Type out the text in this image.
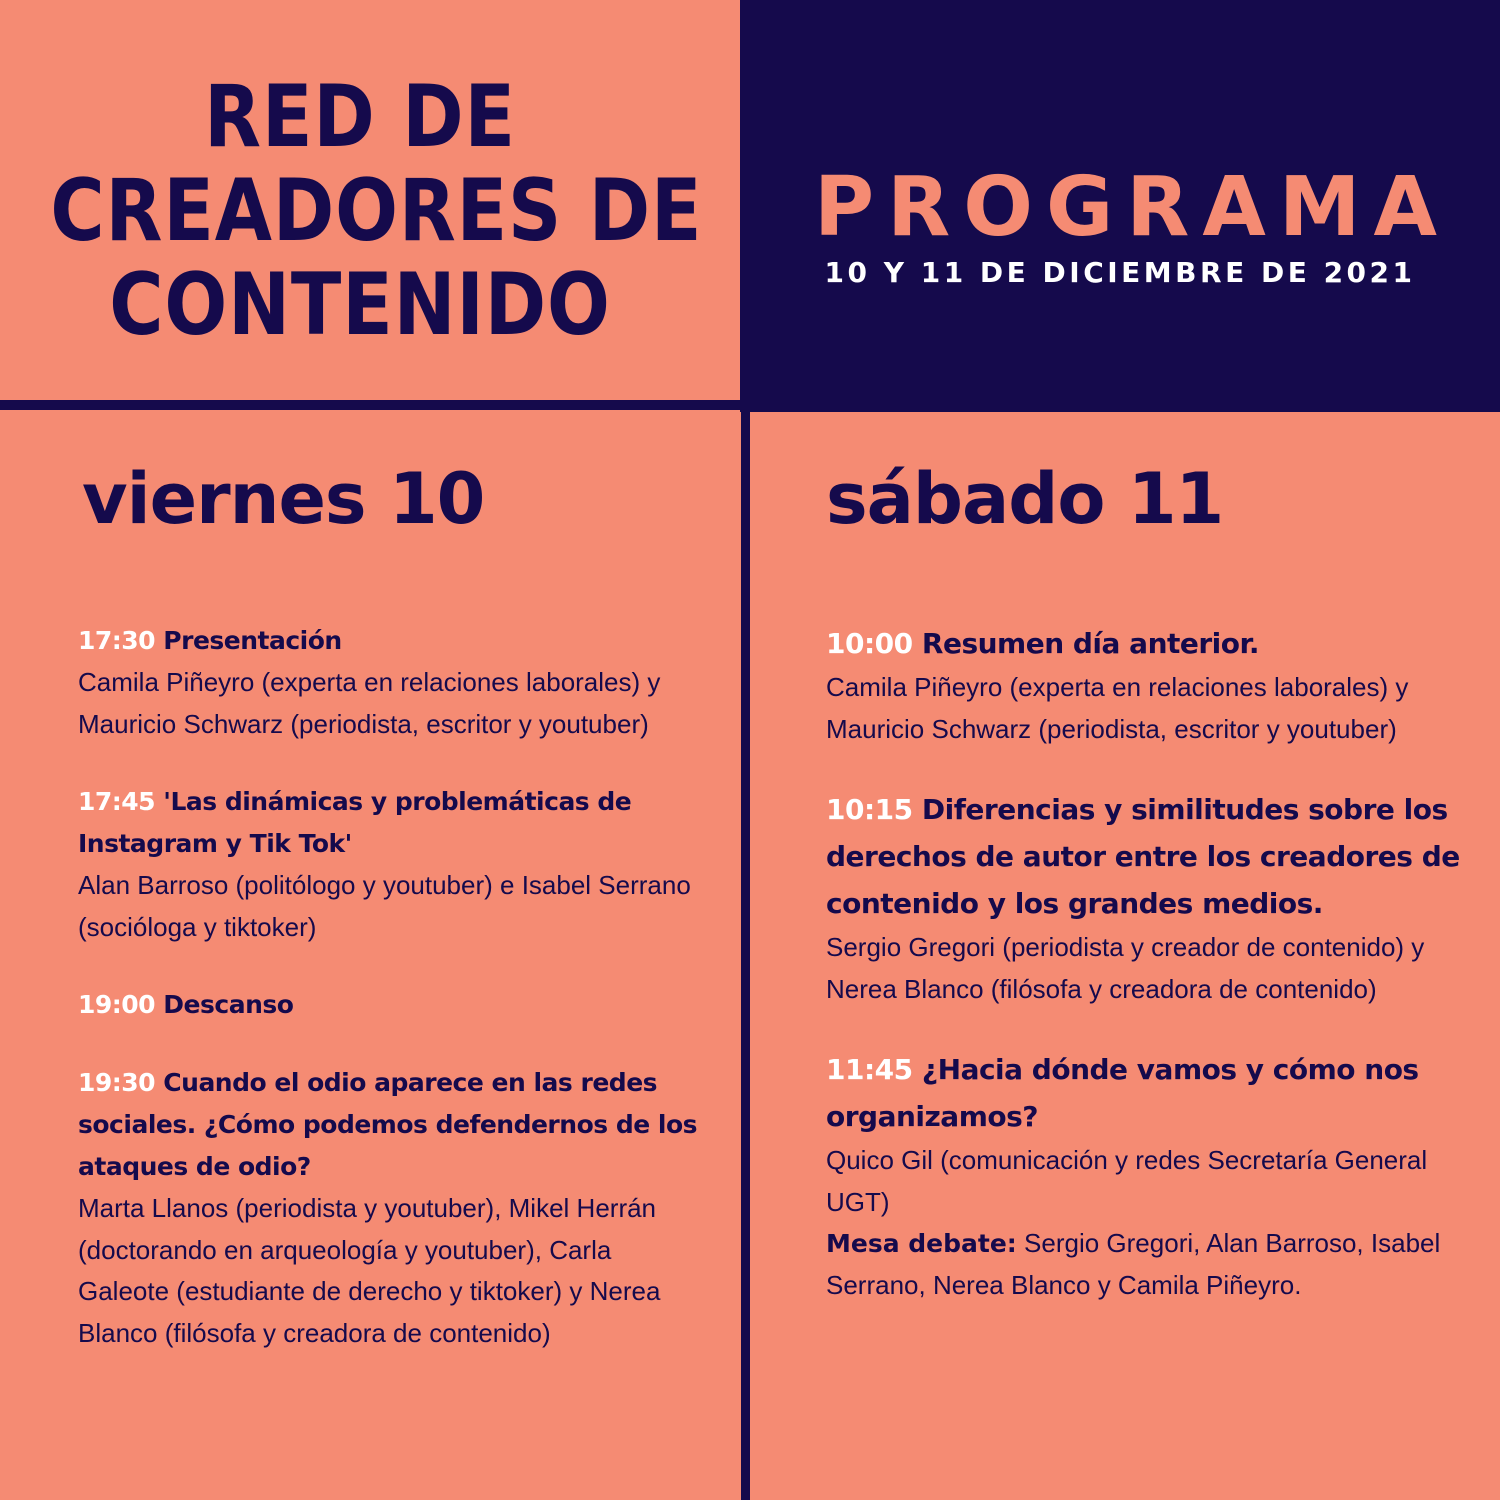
RED DE
CREADORES DE
CONTENIDO
PROGRAMA
10 Y 11 DE DICIEMBRE DE 2021
viernes 10	sábado 11
17:30 Presentación
Camila Piñeyro (experta en relaciones laborales) y Mauricio Schwarz (periodista, escritor y youtuber)
17:45 'Las dinámicas y problemáticas de Instagram y Tik Tok'
Alan Barroso (politólogo y youtuber) e Isabel Serrano (socióloga y tiktoker)
19:00 Descanso
19:30 Cuando el odio aparece en las redes sociales. ¿Cómo podemos defendernos de los ataques de odio?
Marta Llanos (periodista y youtuber), Mikel Herrán (doctorando en arqueología y youtuber), Carla Galeote (estudiante de derecho y tiktoker) y Nerea Blanco (filósofa y creadora de contenido)
10:00 Resumen día anterior.
Camila Piñeyro (experta en relaciones laborales) y Mauricio Schwarz (periodista, escritor y youtuber)
10:15 Diferencias y similitudes sobre los derechos de autor entre los creadores de contenido y los grandes medios.
Sergio Gregori (periodista y creador de contenido) y Nerea Blanco (filósofa y creadora de contenido)
11:45 ¿Hacia dónde vamos y cómo nos organizamos?
Quico Gil (comunicación y redes Secretaría General UGT)
Mesa debate: Sergio Gregori, Alan Barroso, Isabel Serrano, Nerea Blanco y Camila Piñeyro.
